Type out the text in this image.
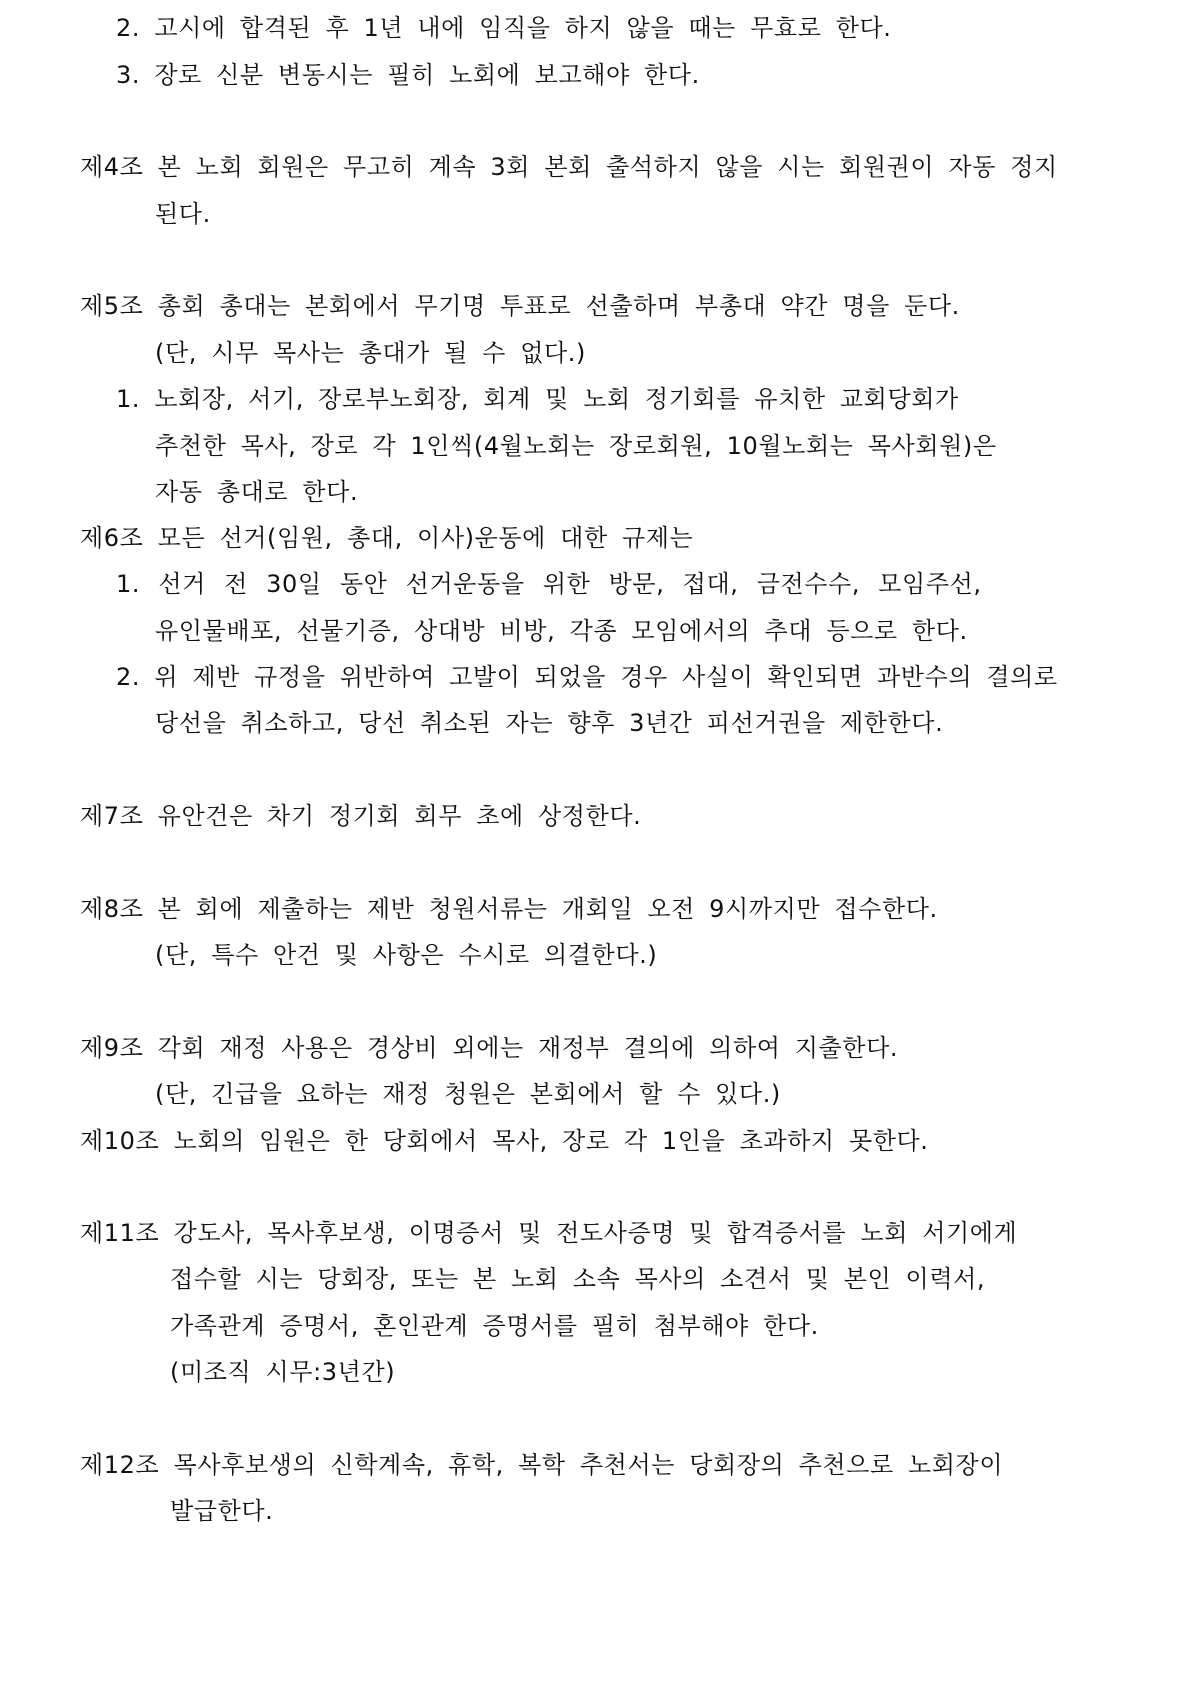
2. 고시에 합격된 후 1년 내에 임직을 하지 않을 때는 무효로 한다.
3. 장로 신분 변동시는 필히 노회에 보고해야 한다.
제4조 본 노회 회원은 무고히 계속 3회 본회 출석하지 않을 시는 회원권이 자동 정지
된다.
제5조 총회 총대는 본회에서 무기명 투표로 선출하며 부총대 약간 명을 둔다.
(단, 시무 목사는 총대가 될 수 없다.)
1. 노회장, 서기, 장로부노회장, 회계 및 노회 정기회를 유치한 교회당회가
추천한 목사, 장로 각 1인씩(4월노회는 장로회원, 10월노회는 목사회원)은
자동 총대로 한다.
제6조 모든 선거(임원, 총대, 이사)운동에 대한 규제는
1. 선거 전 30일 동안 선거운동을 위한 방문, 접대, 금전수수, 모임주선,
유인물배포, 선물기증, 상대방 비방, 각종 모임에서의 추대 등으로 한다.
2. 위 제반 규정을 위반하여 고발이 되었을 경우 사실이 확인되면 과반수의 결의로
당선을 취소하고, 당선 취소된 자는 향후 3년간 피선거권을 제한한다.
제7조 유안건은 차기 정기회 회무 초에 상정한다.
제8조 본 회에 제출하는 제반 청원서류는 개회일 오전 9시까지만 접수한다.
(단, 특수 안건 및 사항은 수시로 의결한다.)
제9조 각회 재정 사용은 경상비 외에는 재정부 결의에 의하여 지출한다.
(단, 긴급을 요하는 재정 청원은 본회에서 할 수 있다.)
제10조 노회의 임원은 한 당회에서 목사, 장로 각 1인을 초과하지 못한다.
제11조 강도사, 목사후보생, 이명증서 및 전도사증명 및 합격증서를 노회 서기에게
접수할 시는 당회장, 또는 본 노회 소속 목사의 소견서 및 본인 이력서,
가족관계 증명서, 혼인관계 증명서를 필히 첨부해야 한다.
(미조직 시무:3년간)
제12조 목사후보생의 신학계속, 휴학, 복학 추천서는 당회장의 추천으로 노회장이
발급한다.
